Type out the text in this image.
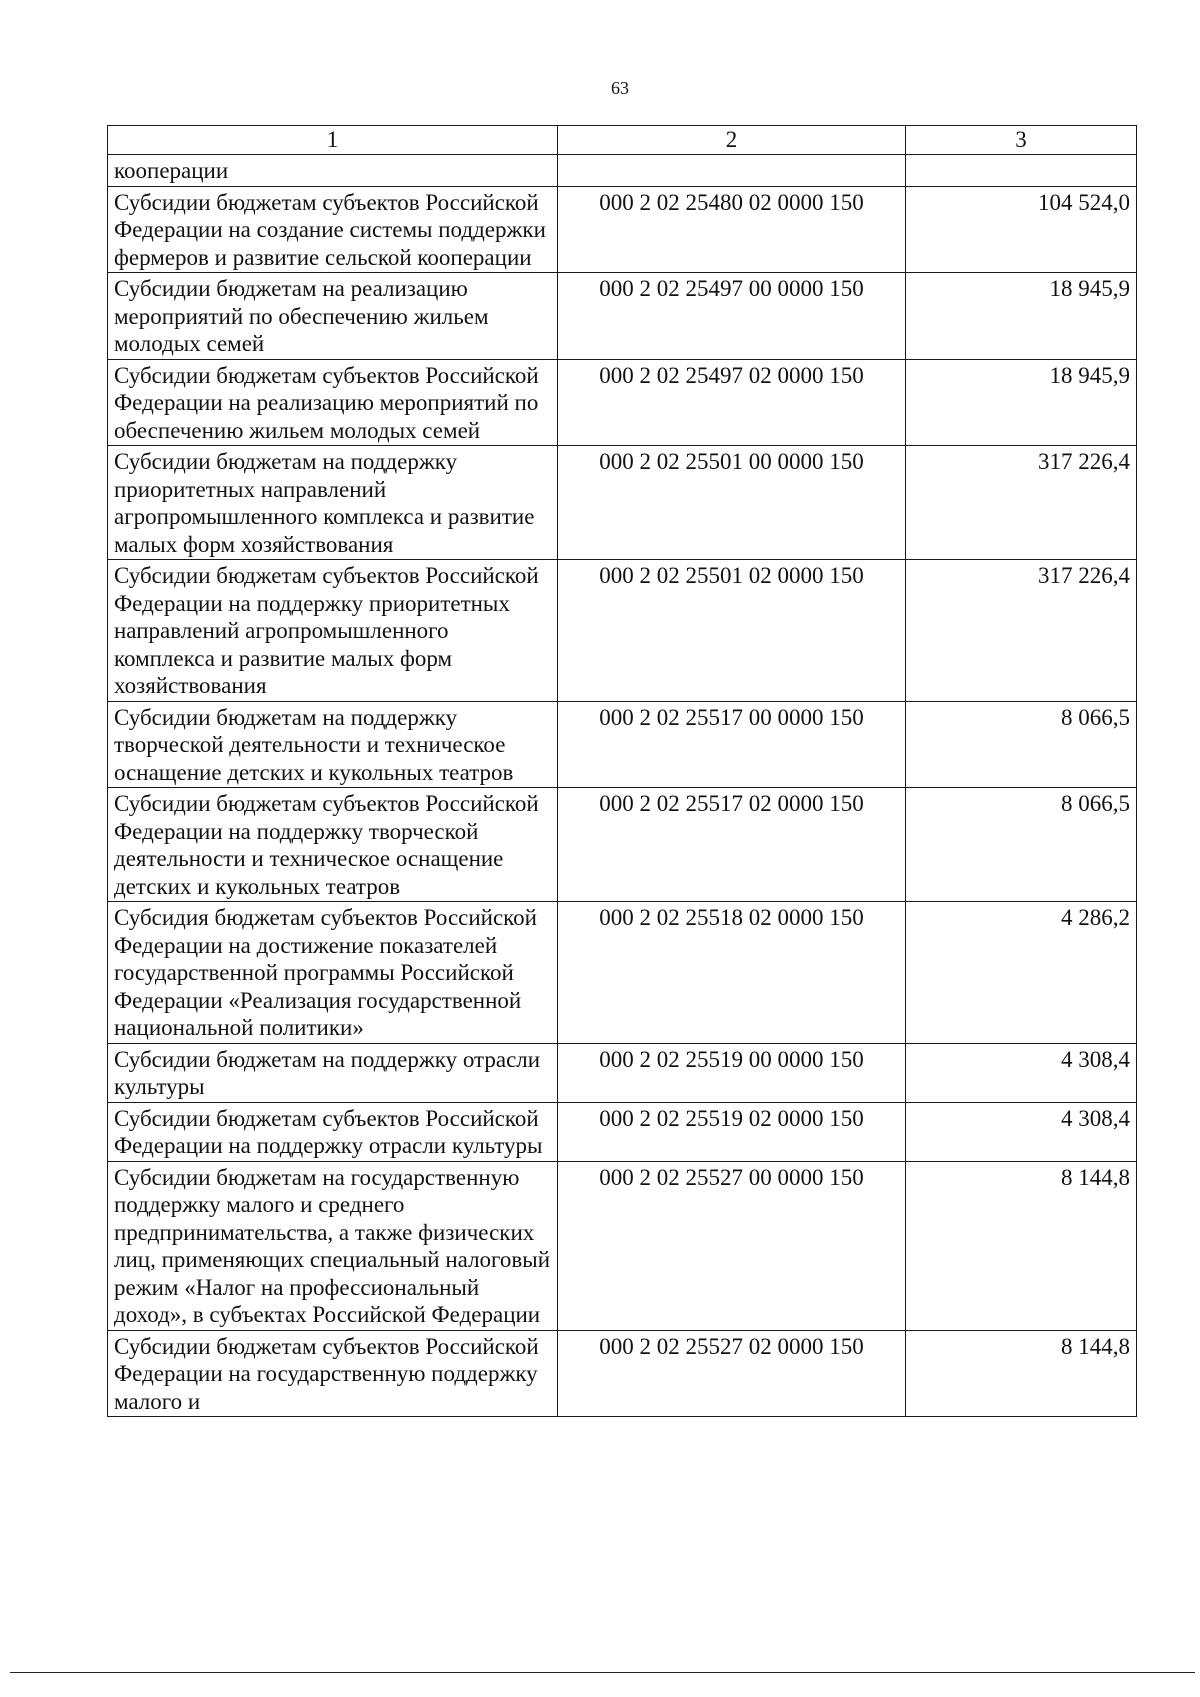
63
1	2	3
кооперации		
Субсидии бюджетам субъектов Российской Федерации на создание системы поддержки фермеров и развитие сельской кооперации	000 2 02 25480 02 0000 150	104 524,0
Субсидии бюджетам на реализацию мероприятий по обеспечению жильем молодых семей	000 2 02 25497 00 0000 150	18 945,9
Субсидии бюджетам субъектов Российской Федерации на реализацию мероприятий по обеспечению жильем молодых семей	000 2 02 25497 02 0000 150	18 945,9
Субсидии бюджетам на поддержку приоритетных направлений агропромышленного комплекса и развитие малых форм хозяйствования	000 2 02 25501 00 0000 150	317 226,4
Субсидии бюджетам субъектов Российской Федерации на поддержку приоритетных направлений агропромышленного комплекса и развитие малых форм хозяйствования	000 2 02 25501 02 0000 150	317 226,4
Субсидии бюджетам на поддержку творческой деятельности и техническое оснащение детских и кукольных театров	000 2 02 25517 00 0000 150	8 066,5
Субсидии бюджетам субъектов Российской Федерации на поддержку творческой деятельности и техническое оснащение детских и кукольных театров	000 2 02 25517 02 0000 150	8 066,5
Субсидия бюджетам субъектов Российской Федерации на достижение показателей государственной программы Российской Федерации «Реализация государственной национальной политики»	000 2 02 25518 02 0000 150	4 286,2
Субсидии бюджетам на поддержку отрасли культуры	000 2 02 25519 00 0000 150	4 308,4
Субсидии бюджетам субъектов Российской Федерации на поддержку отрасли культуры	000 2 02 25519 02 0000 150	4 308,4
Субсидии бюджетам на государственную поддержку малого и среднего предпринимательства, а также физических лиц, применяющих специальный налоговый режим «Налог на профессиональный доход», в субъектах Российской Федерации	000 2 02 25527 00 0000 150	8 144,8
Субсидии бюджетам субъектов Российской Федерации на государственную поддержку малого и	000 2 02 25527 02 0000 150	8 144,8
